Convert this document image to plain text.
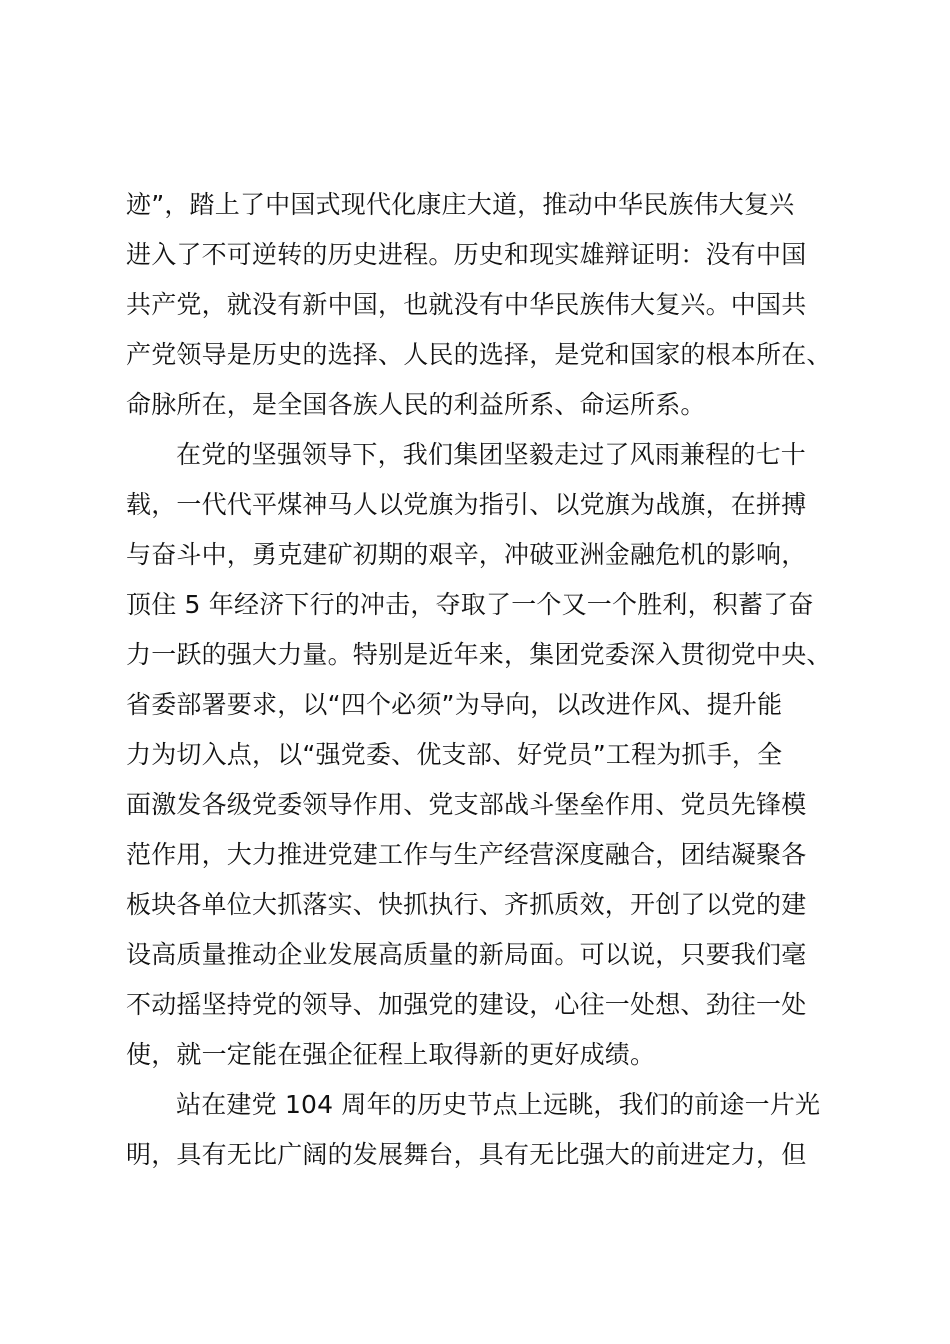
迹”，踏上了中国式现代化康庄大道，推动中华民族伟大复兴
进入了不可逆转的历史进程。历史和现实雄辩证明：没有中国
共产党，就没有新中国，也就没有中华民族伟大复兴。中国共
产党领导是历史的选择、人民的选择，是党和国家的根本所在、
命脉所在，是全国各族人民的利益所系、命运所系。
在党的坚强领导下，我们集团坚毅走过了风雨兼程的七十
载，一代代平煤神马人以党旗为指引、以党旗为战旗，在拼搏
与奋斗中，勇克建矿初期的艰辛，冲破亚洲金融危机的影响，
顶住 5 年经济下行的冲击，夺取了一个又一个胜利，积蓄了奋
力一跃的强大力量。特别是近年来，集团党委深入贯彻党中央、
省委部署要求，以“四个必须”为导向，以改进作风、提升能
力为切入点，以“强党委、优支部、好党员”工程为抓手，全
面激发各级党委领导作用、党支部战斗堡垒作用、党员先锋模
范作用，大力推进党建工作与生产经营深度融合，团结凝聚各
板块各单位大抓落实、快抓执行、齐抓质效，开创了以党的建
设高质量推动企业发展高质量的新局面。可以说，只要我们毫
不动摇坚持党的领导、加强党的建设，心往一处想、劲往一处
使，就一定能在强企征程上取得新的更好成绩。
站在建党 104 周年的历史节点上远眺，我们的前途一片光
明，具有无比广阔的发展舞台，具有无比强大的前进定力，但
